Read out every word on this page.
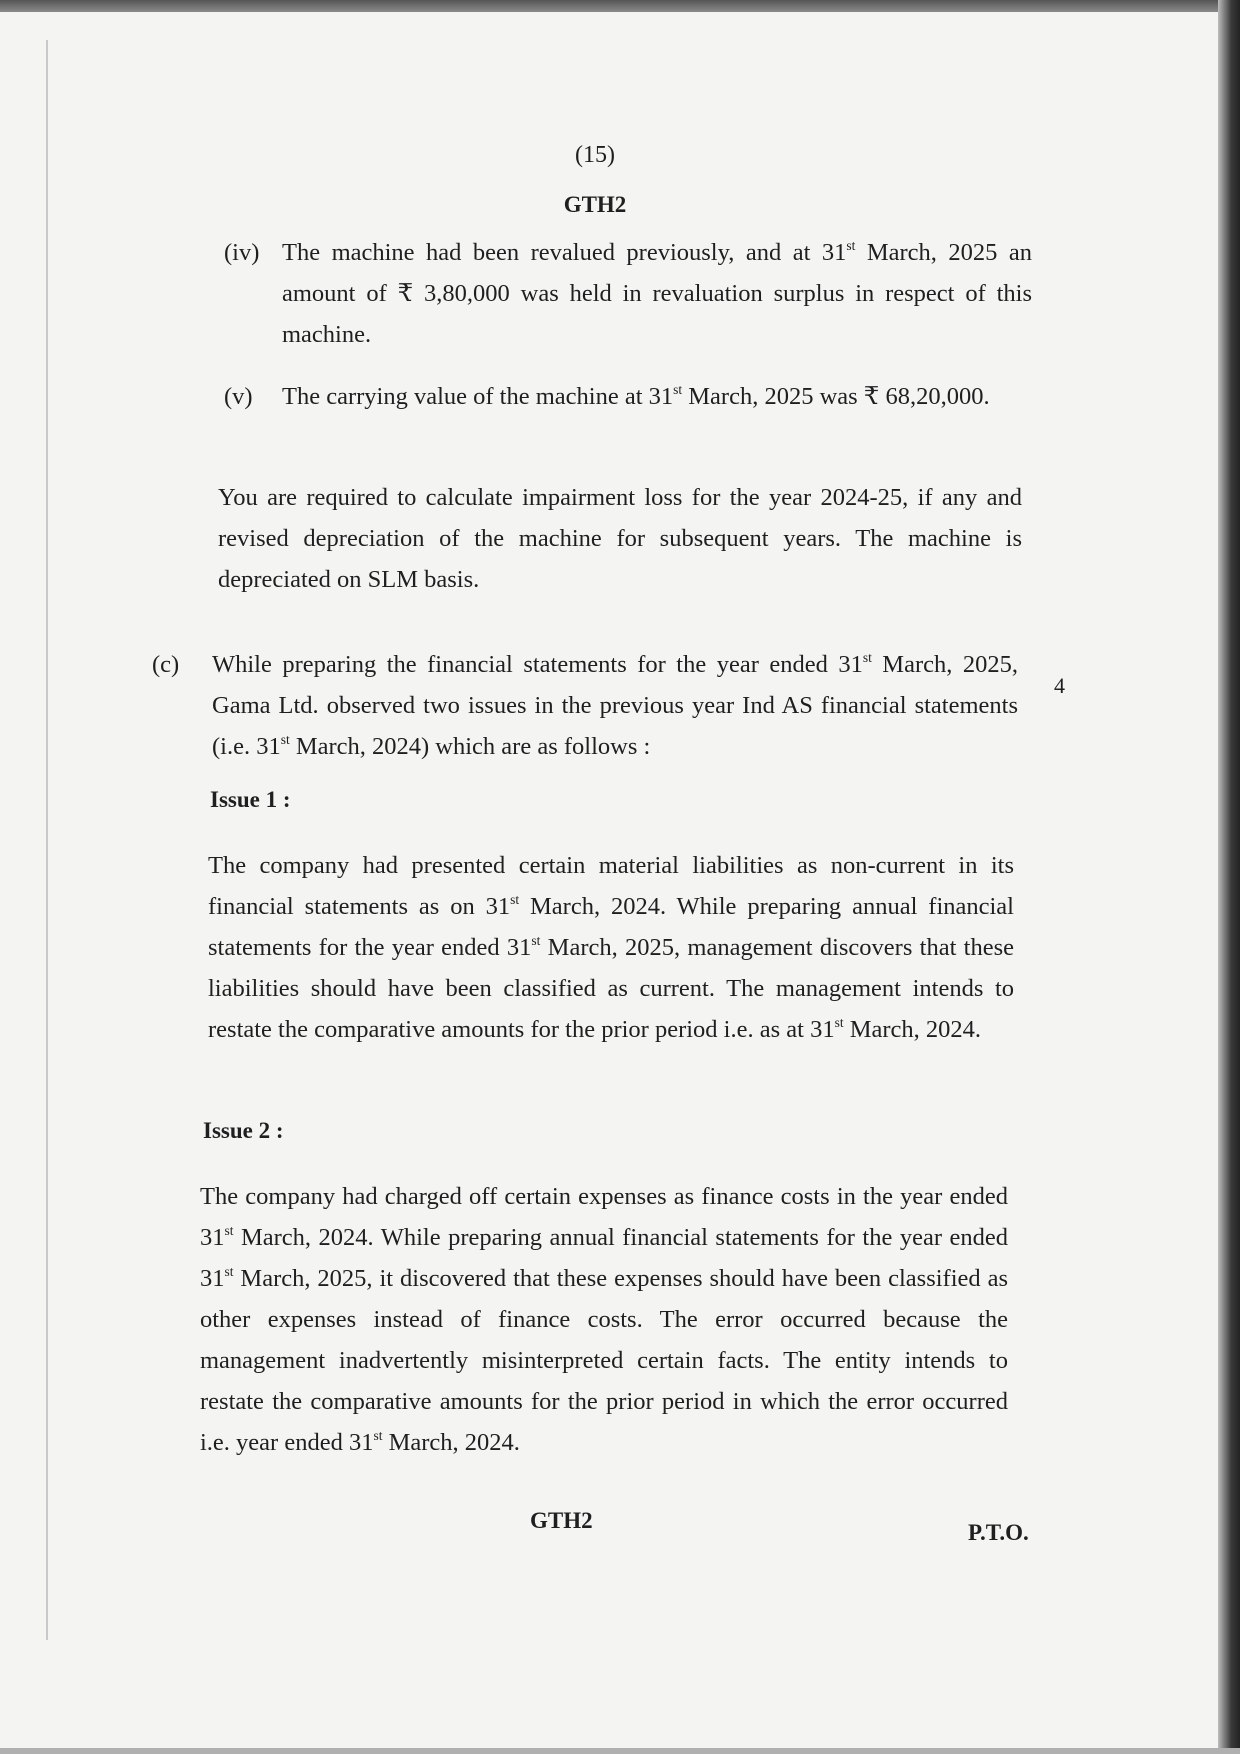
(15)
GTH2
(iv) The machine had been revalued previously, and at 31st March, 2025 an amount of ₹ 3,80,000 was held in revaluation surplus in respect of this machine.

(v) The carrying value of the machine at 31st March, 2025 was ₹ 68,20,000.

You are required to calculate impairment loss for the year 2024-25, if any and revised depreciation of the machine for subsequent years. The machine is depreciated on SLM basis.

(c) While preparing the financial statements for the year ended 31st March, 2025, Gama Ltd. observed two issues in the previous year Ind AS financial statements (i.e. 31st March, 2024) which are as follows :

4
Issue 1 :

The company had presented certain material liabilities as non-current in its financial statements as on 31st March, 2024. While preparing annual financial statements for the year ended 31st March, 2025, management discovers that these liabilities should have been classified as current. The management intends to restate the comparative amounts for the prior period i.e. as at 31st March, 2024.

Issue 2 :

The company had charged off certain expenses as finance costs in the year ended 31st March, 2024. While preparing annual financial statements for the year ended 31st March, 2025, it discovered that these expenses should have been classified as other expenses instead of finance costs. The error occurred because the management inadvertently misinterpreted certain facts. The entity intends to restate the comparative amounts for the prior period in which the error occurred i.e. year ended 31st March, 2024.

GTH2	P.T.O.
